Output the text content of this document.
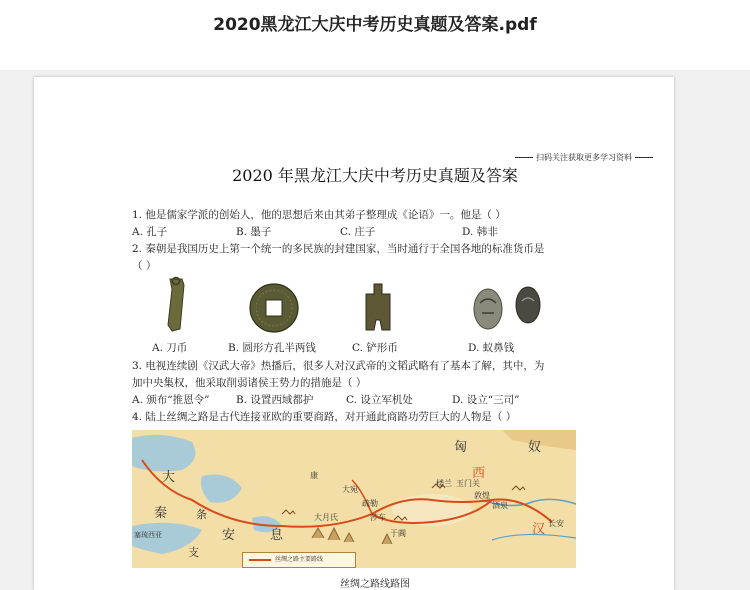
2020黑龙江大庆中考历史真题及答案.pdf
扫码关注获取更多学习资料
2020 年黑龙江大庆中考历史真题及答案
1. 他是儒家学派的创始人，他的思想后来由其弟子整理成《论语》一。他是（ ）
A. 孔子	B. 墨子	C. 庄子	D. 韩非
2. 秦朝是我国历史上第一个统一的多民族的封建国家，当时通行于全国各地的标准货币是
（ ）
A. 刀币	B. 圆形方孔半两钱	C. 铲形币	D. 蚁鼻钱
3. 电视连续剧《汉武大帝》热播后，很多人对汉武帝的文韬武略有了基本了解，其中，为
加中央集权，他采取削弱诸侯王势力的措施是（ ）
A. 颁布“推恩令”	B. 设置西域都护	C. 设立军机处	D. 设立“三司”
4. 陆上丝绸之路是古代连接亚欧的重要商路，对开通此商路功劳巨大的人物是（ ）
匈	奴
大
秦
安	息
条
支
西
汉
康
大宛
疏勒
大月氏	莎车
于阗
楼兰 玉门关
敦煌
酒泉
长安
塞琉西亚
丝绸之路主要路线
丝绸之路线路图
